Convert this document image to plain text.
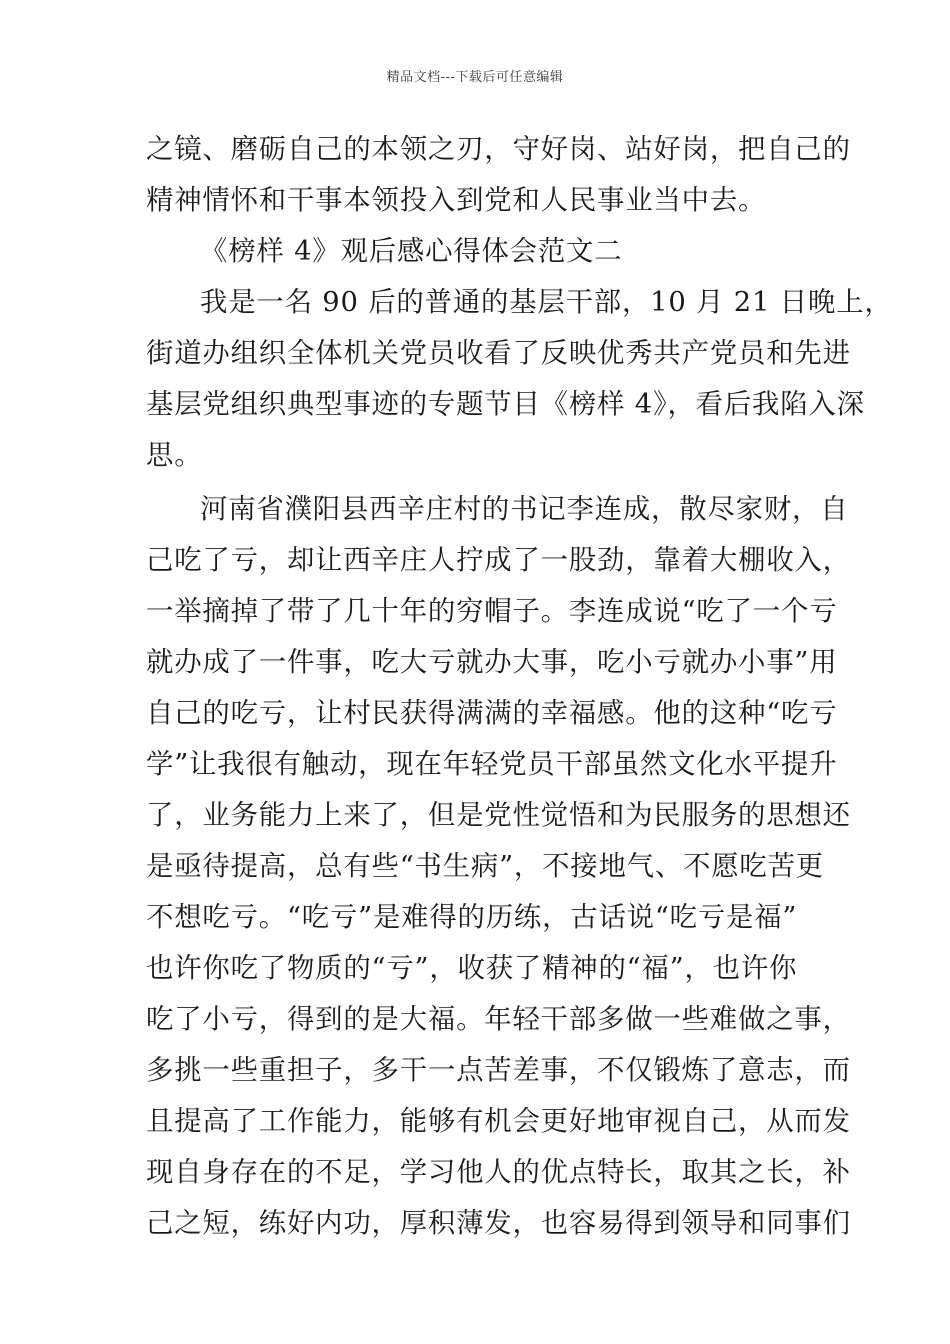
精品文档---下载后可任意编辑
之镜、磨砺自己的本领之刃，守好岗、站好岗，把自己的
精神情怀和干事本领投入到党和人民事业当中去。
《榜样 4》观后感心得体会范文二
我是一名 90 后的普通的基层干部，10 月 21 日晚上，
街道办组织全体机关党员收看了反映优秀共产党员和先进
基层党组织典型事迹的专题节目《榜样 4》，看后我陷入深
思。
河南省濮阳县西辛庄村的书记李连成，散尽家财，自
己吃了亏，却让西辛庄人拧成了一股劲，靠着大棚收入，
一举摘掉了带了几十年的穷帽子。李连成说“吃了一个亏
就办成了一件事，吃大亏就办大事，吃小亏就办小事”用
自己的吃亏，让村民获得满满的幸福感。他的这种“吃亏
学”让我很有触动，现在年轻党员干部虽然文化水平提升
了，业务能力上来了，但是党性觉悟和为民服务的思想还
是亟待提高，总有些“书生病”，不接地气、不愿吃苦更
不想吃亏。“吃亏”是难得的历练，古话说“吃亏是福”
也许你吃了物质的“亏”，收获了精神的“福”，也许你
吃了小亏，得到的是大福。年轻干部多做一些难做之事，
多挑一些重担子，多干一点苦差事，不仅锻炼了意志，而
且提高了工作能力，能够有机会更好地审视自己，从而发
现自身存在的不足，学习他人的优点特长，取其之长，补
己之短，练好内功，厚积薄发，也容易得到领导和同事们
